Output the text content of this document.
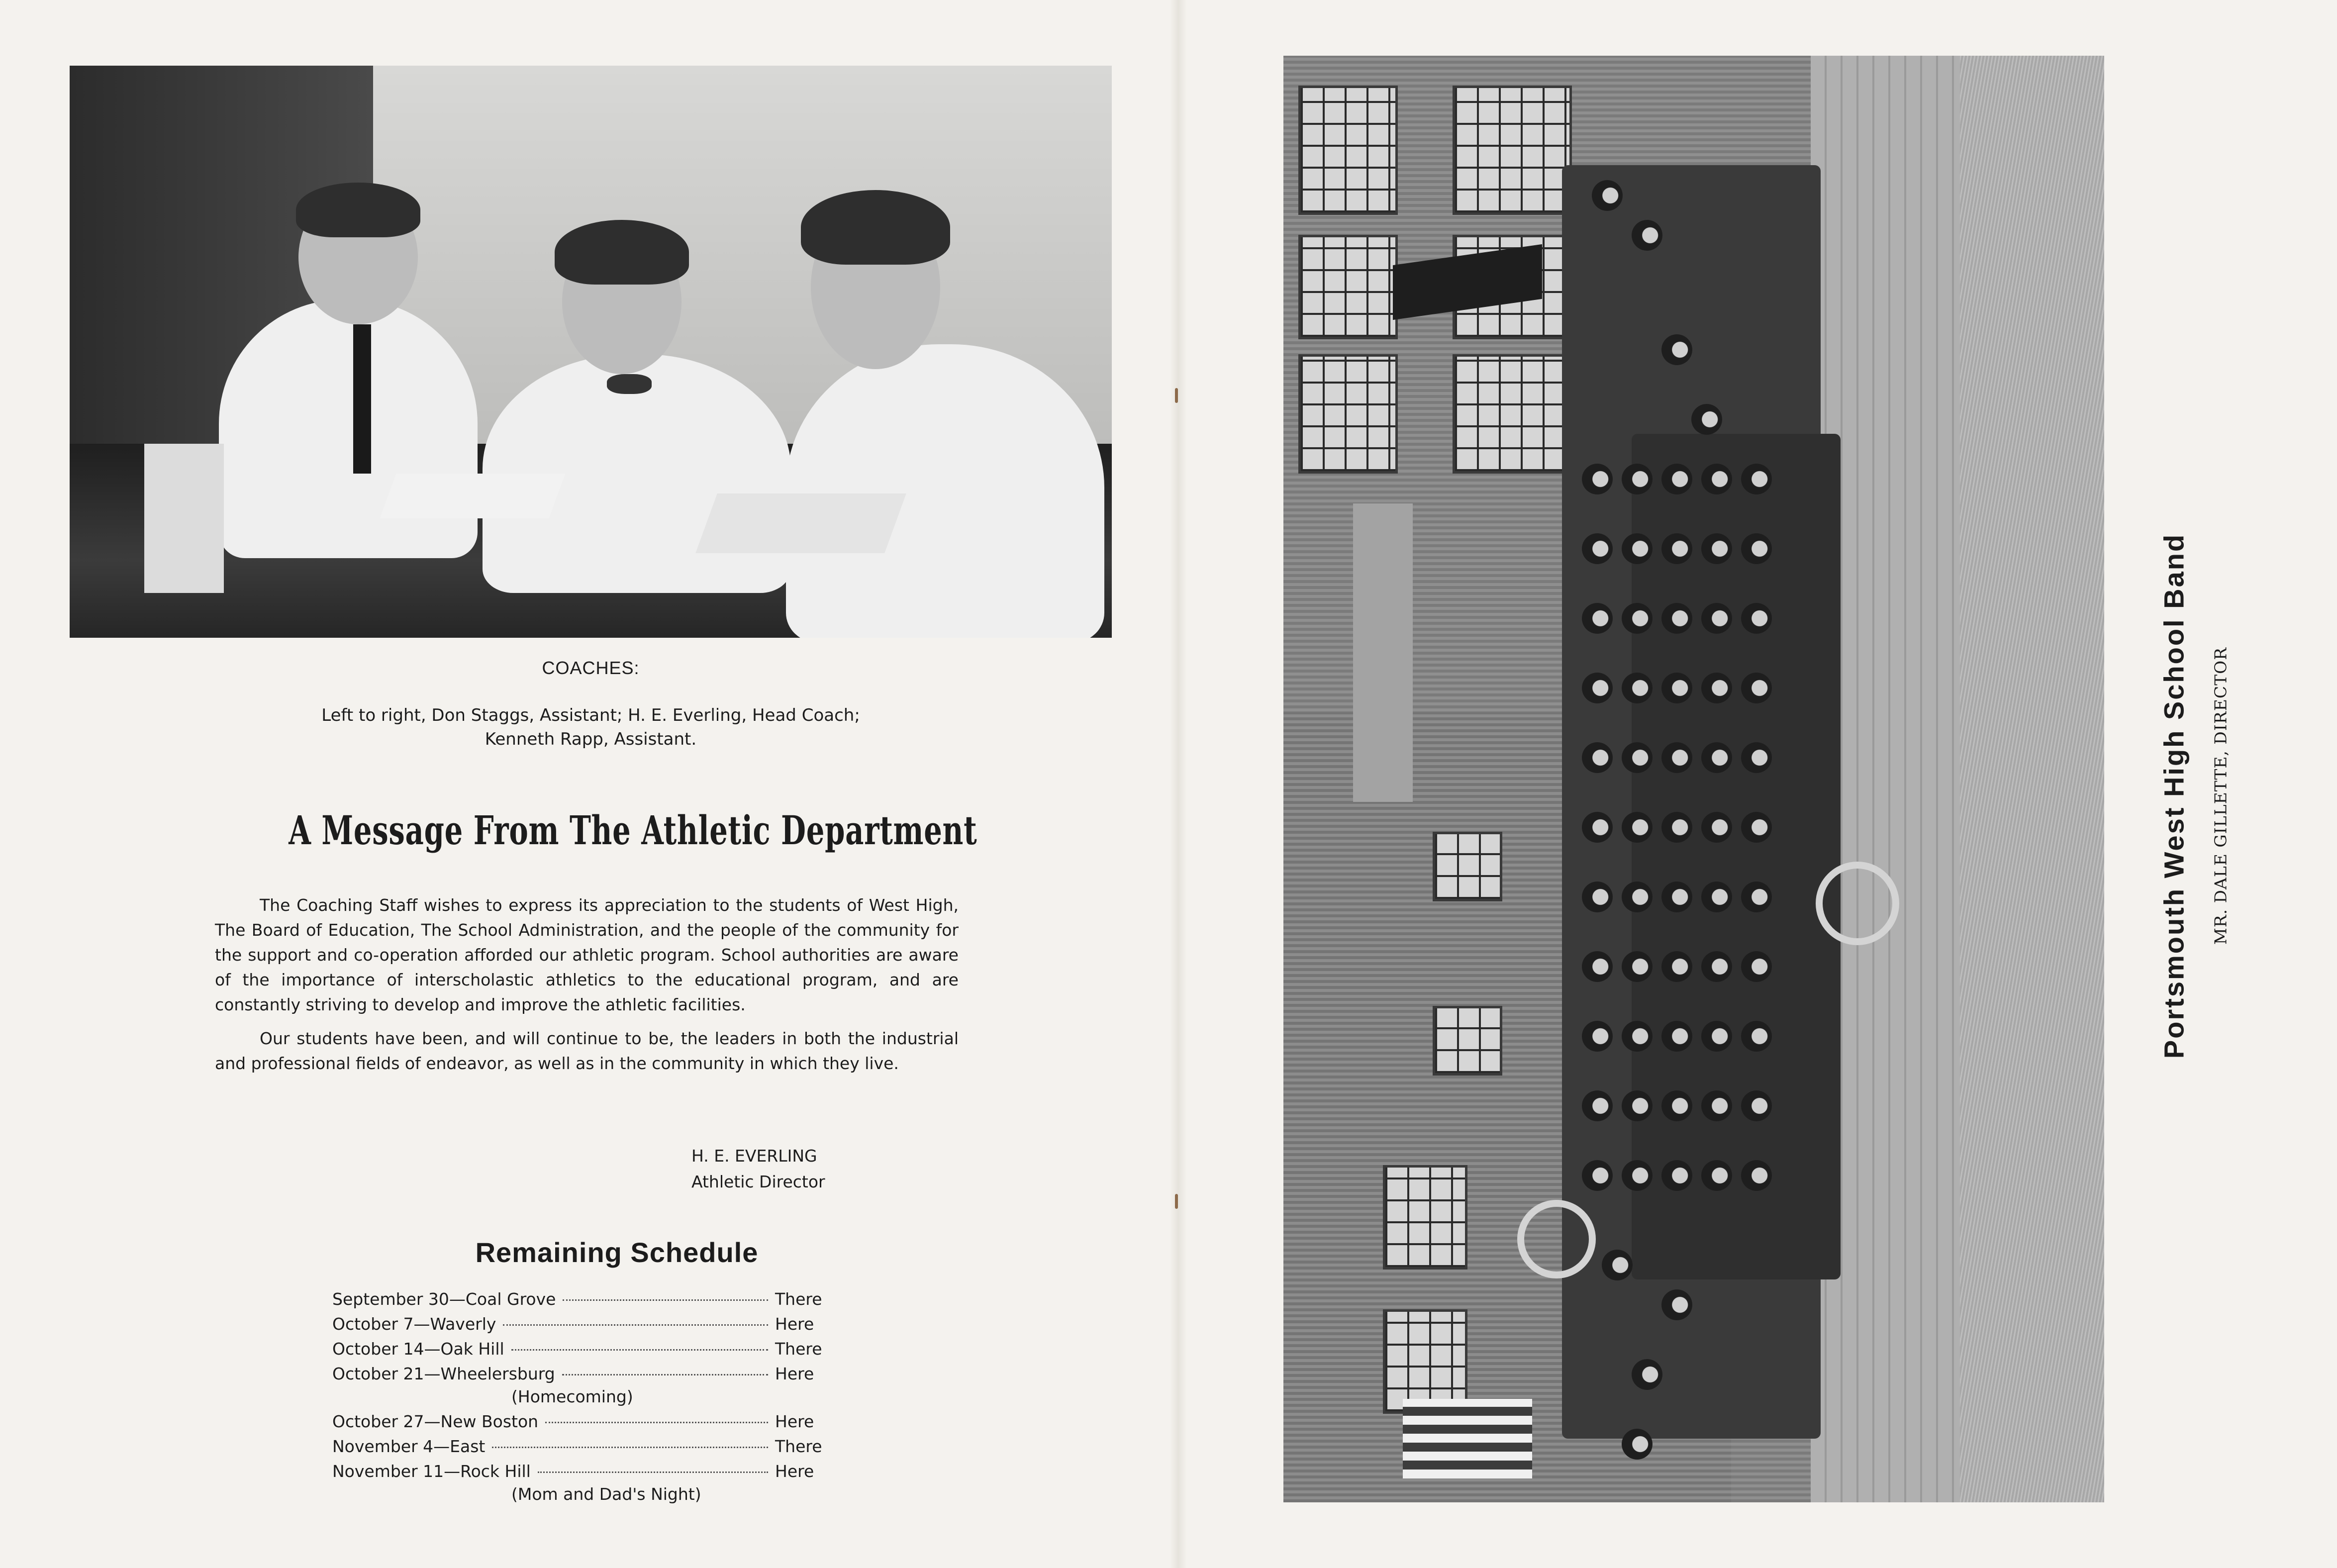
COACHES:
Left to right, Don Staggs, Assistant; H. E. Everling, Head Coach;
Kenneth Rapp, Assistant.
A Message From The Athletic Department

The Coaching Staff wishes to express its appreciation to the students of West High, The Board of Education, The School Administration, and the people of the community for the support and co-operation afforded our athletic program. School authorities are aware of the importance of interscholastic athletics to the educational program, and are constantly striving to develop and improve the athletic facilities.

Our students have been, and will continue to be, the leaders in both the industrial and professional fields of endeavor, as well as in the community in which they live.

H. E. EVERLING
Athletic Director
Remaining Schedule
September 30—Coal Grove	There
October 7—Waverly	Here
October 14—Oak Hill	There
October 21—Wheelersburg	Here
(Homecoming)
October 27—New Boston	Here
November 4—East	There
November 11—Rock Hill	Here
(Mom and Dad's Night)
Portsmouth West High School Band MR. DALE GILLETTE, DIRECTOR
